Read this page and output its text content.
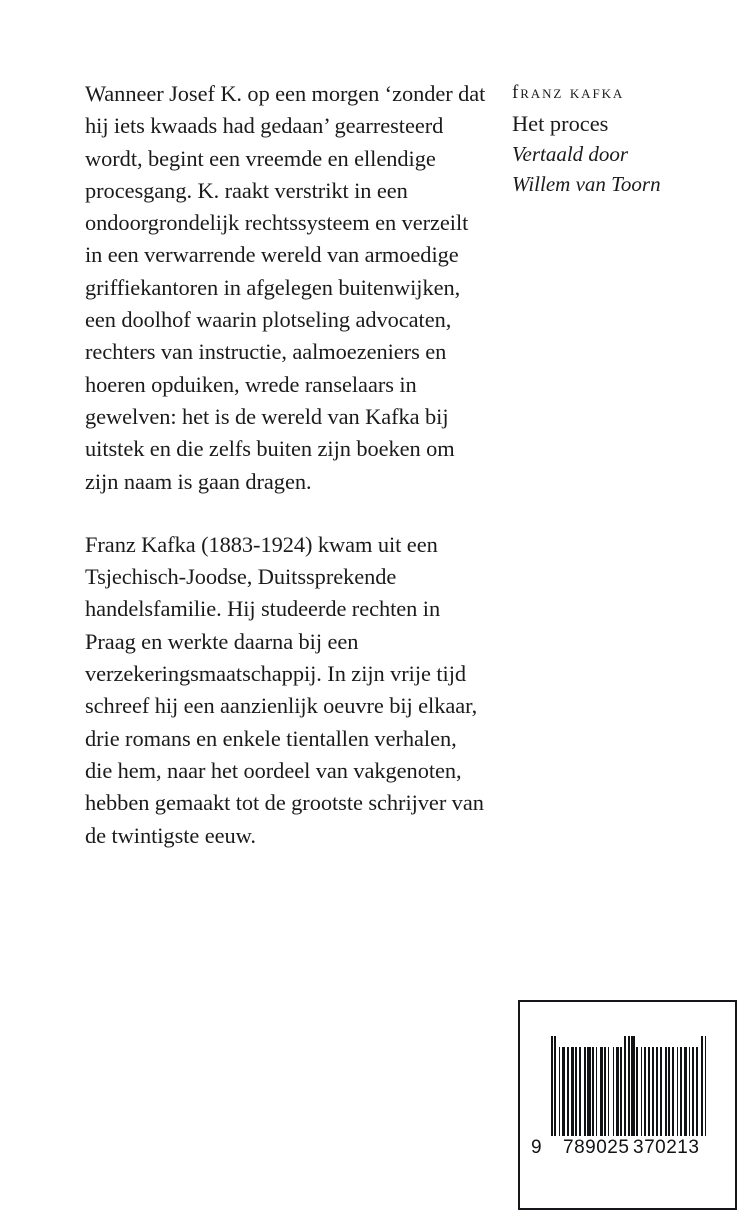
Wanneer Josef K. op een morgen ‘zonder dat hij iets kwaads had gedaan’ gearresteerd wordt, begint een vreemde en ellendige procesgang. K. raakt verstrikt in een ondoorgrondelijk rechtssysteem en verzeilt in een verwarrende wereld van armoedige griffiekantoren in afgelegen buitenwijken, een doolhof waarin plotseling advocaten, rechters van instructie, aalmoezeniers en hoeren opduiken, wrede ranselaars in gewelven: het is de wereld van Kafka bij uitstek en die zelfs buiten zijn boeken om zijn naam is gaan dragen.

Franz Kafka (1883-1924) kwam uit een Tsjechisch-Joodse, Duitssprekende handelsfamilie. Hij studeerde rechten in Praag en werkte daarna bij een verzekeringsmaatschappij. In zijn vrije tijd schreef hij een aanzienlijk oeuvre bij elkaar, drie romans en enkele tientallen verhalen, die hem, naar het oordeel van vakgenoten, hebben gemaakt tot de grootste schrijver van de twintigste eeuw.

franz kafka
Het proces
Vertaald door
Willem van Toorn
9 789025 370213
